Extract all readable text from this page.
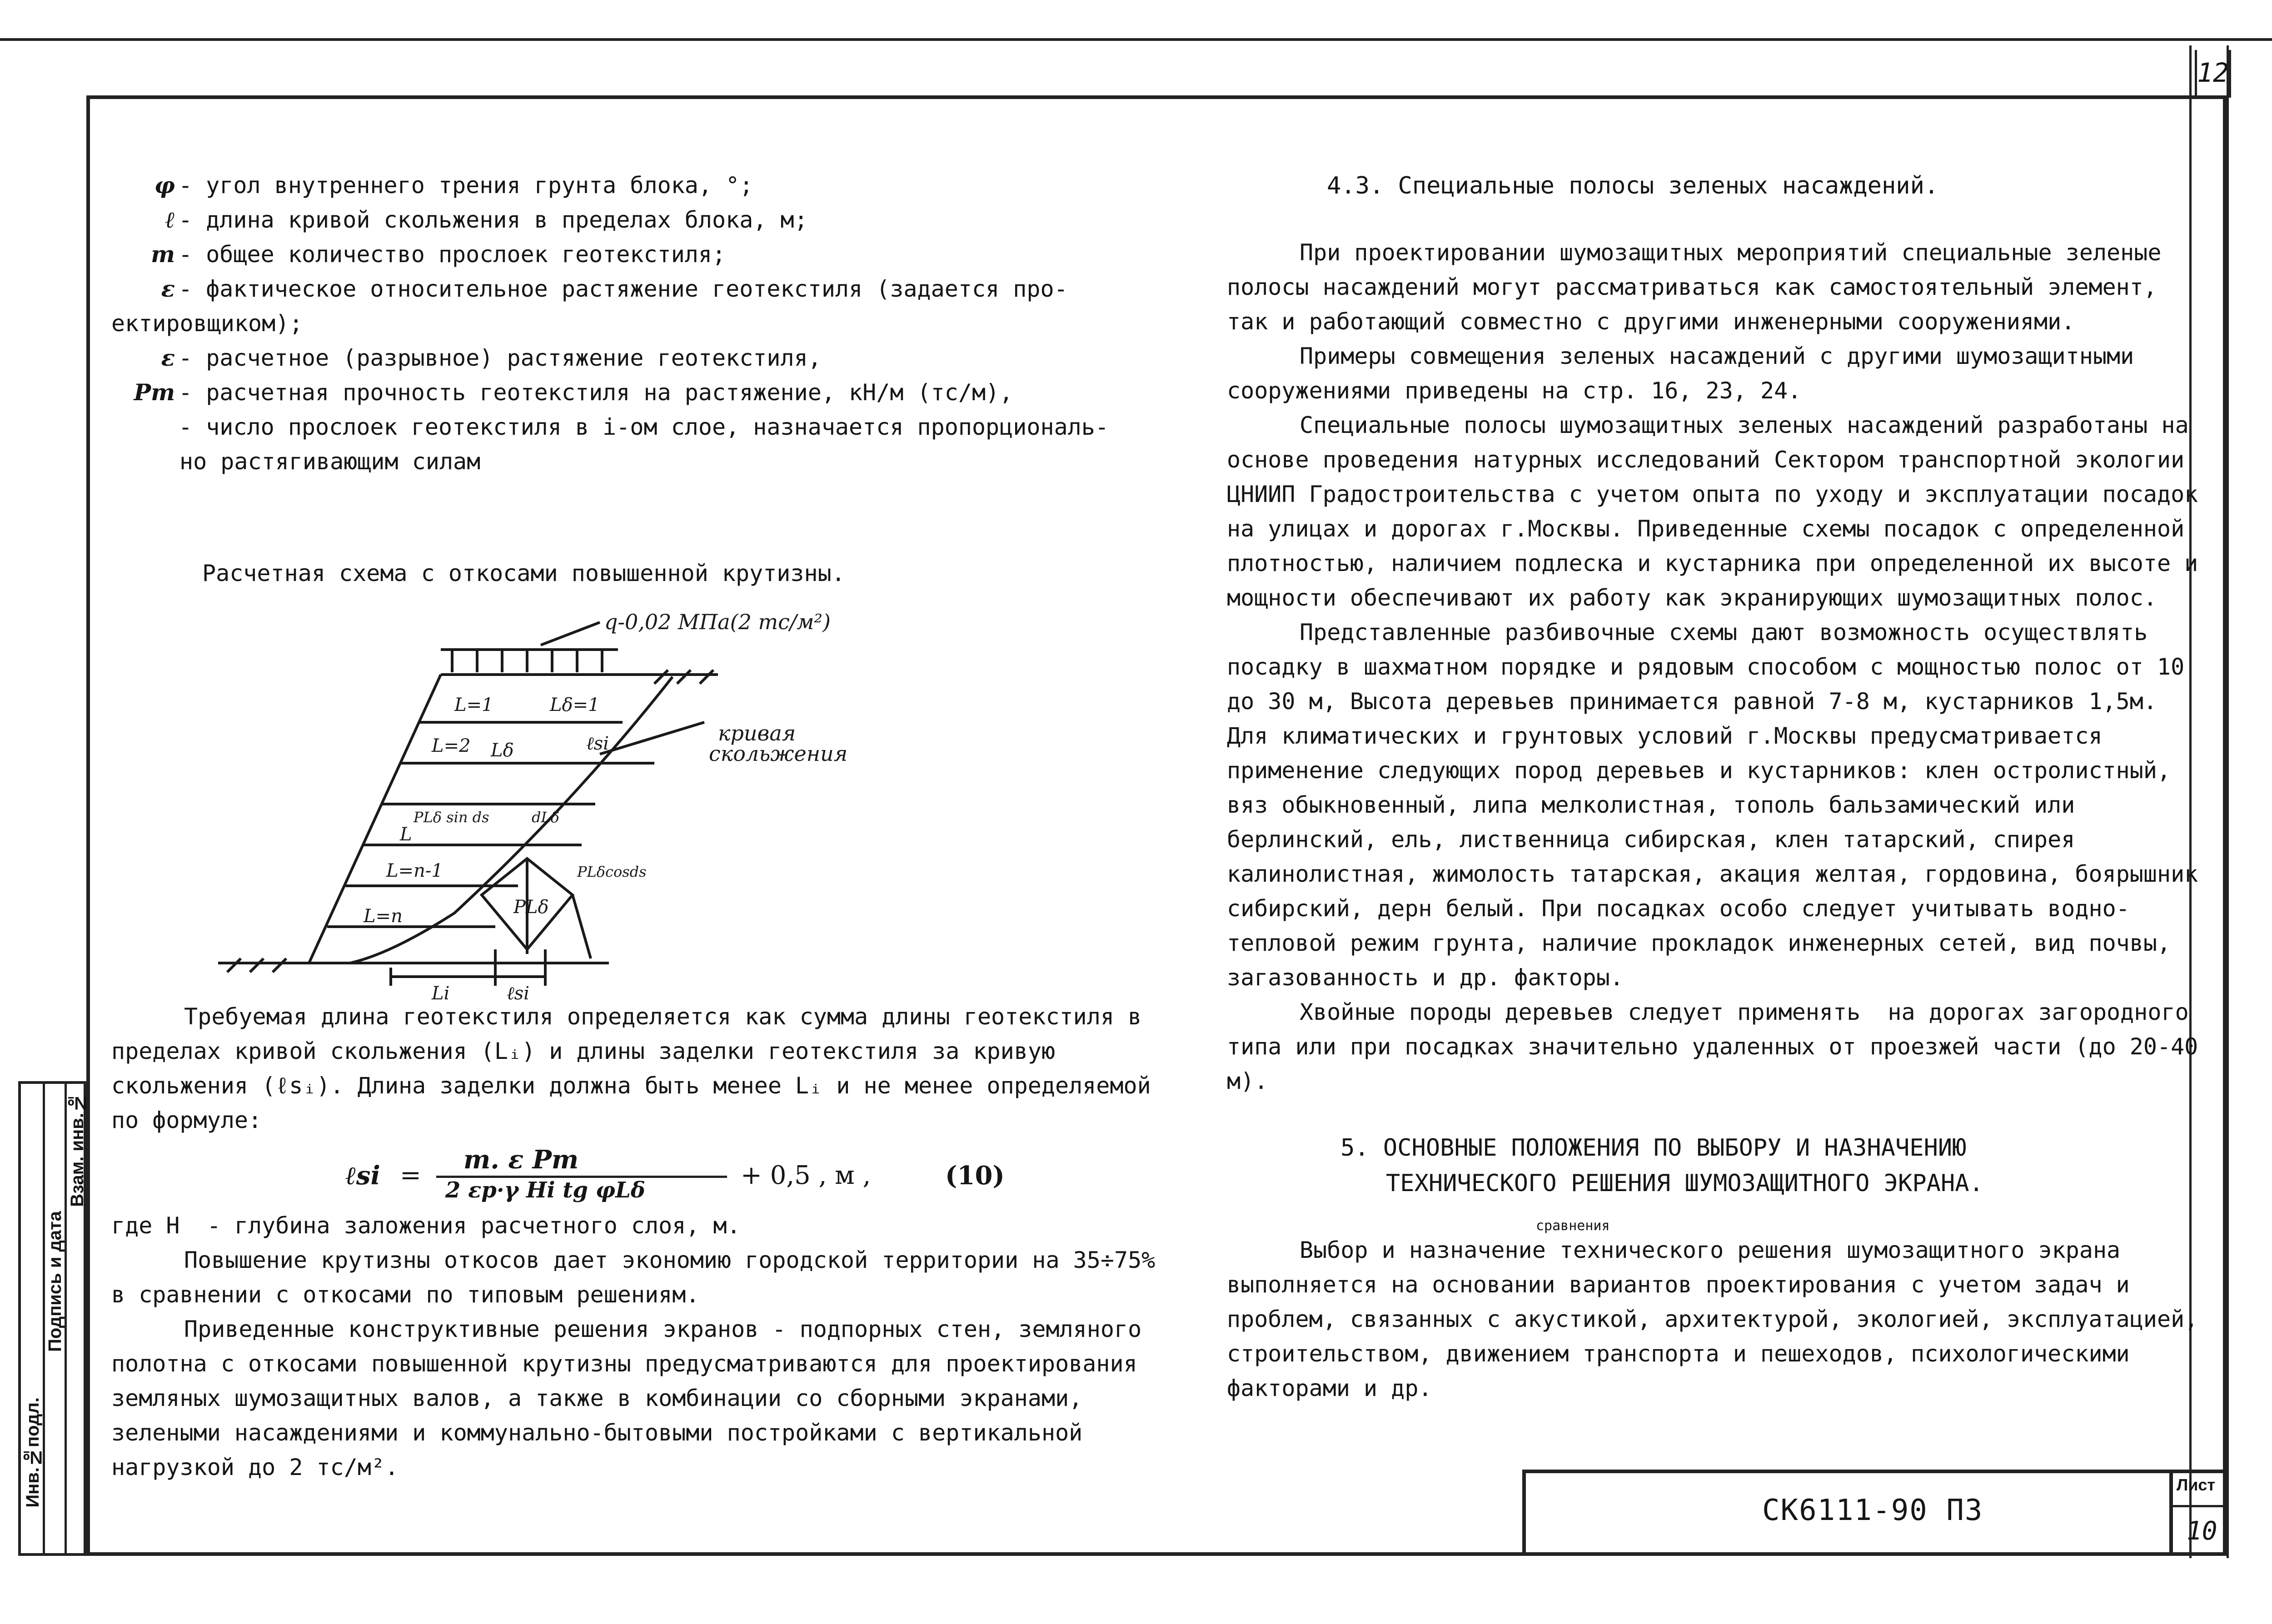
12
Инв.№подл.
Подпись и дата
Взам. инв.№
φ - угол внутреннего трения грунта блока, °;
ℓ - длина кривой скольжения в пределах блока, м;
m - общее количество прослоек геотекстиля;
ε - фактическое относительное растяжение геотекстиля (задается про-

ектировщиком);

ε - расчетное (разрывное) растяжение геотекстиля,
Pт - расчетная прочность геотекстиля на растяжение, кН/м (тс/м),
- число прослоек геотекстиля в i-ом слое, назначается пропорциональ-

но растягивающим силам

Расчетная схема с откосами повышенной крутизны.

q-0,02 МПа(2 тс/м²)
кривая
скольжения
L=1	Lδ=1
L=2 Lδ	ℓsi
L
L=n-1
L=n
PLδ sin ds
PLδ
PLδcosds
Li	ℓsi
dLδ

Требуемая длина геотекстиля определяется как сумма длины геотекстиля в пределах кривой скольжения (Lᵢ) и длины заделки геотекстиля за кривую скольжения (ℓsᵢ). Длина заделки должна быть менее Lᵢ и не менее определяемой по формуле:

ℓsi =
m. ε Pт
2 εp·γ Hi tg φLδ	+ 0,5 , м ,	(10)

где H  - глубина заложения расчетного слоя, м.

Повышение крутизны откосов дает экономию городской территории на 35÷75% в сравнении с откосами по типовым решениям.

Приведенные конструктивные решения экранов - подпорных стен, земляного полотна с откосами повышенной крутизны предусматриваются для проектирования земляных шумозащитных валов, а также в комбинации со сборными экранами, зелеными насаждениями и коммунально-бытовыми постройками с вертикальной нагрузкой до 2 тс/м².

4.3. Специальные полосы зеленых насаждений.

При проектировании шумозащитных мероприятий специальные зеленые полосы насаждений могут рассматриваться как самостоятельный элемент, так и работающий совместно с другими инженерными сооружениями.

Примеры совмещения зеленых насаждений с другими шумозащитными сооружениями приведены на стр. 16, 23, 24.

Специальные полосы шумозащитных зеленых насаждений разработаны на основе проведения натурных исследований Сектором транспортной экологии ЦНИИП Градостроительства с учетом опыта по уходу и эксплуатации посадок на улицах и дорогах г.Москвы. Приведенные схемы посадок с определенной плотностью, наличием подлеска и кустарника при определенной их высоте и мощности обеспечивают их работу как экранирующих шумозащитных полос.

Представленные разбивочные схемы дают возможность осуществлять посадку в шахматном порядке и рядовым способом с мощностью полос от 10 до 30 м, Высота деревьев принимается равной 7-8 м, кустарников 1,5м. Для климатических и грунтовых условий г.Москвы предусматривается применение следующих пород деревьев и кустарников: клен остролистный, вяз обыкновенный, липа мелколистная, тополь бальзамический или берлинский, ель, лиственница сибирская, клен татарский, спирея калинолистная, жимолость татарская, акация желтая, гордовина, боярышник сибирский, дерн белый. При посадках особо следует учитывать водно-тепловой режим грунта, наличие прокладок инженерных сетей, вид почвы, загазованность и др. факторы.

Хвойные породы деревьев следует применять  на дорогах загородного типа или при посадках значительно удаленных от проезжей части (до 20-40 м).

5. ОСНОВНЫЕ ПОЛОЖЕНИЯ ПО ВЫБОРУ И НАЗНАЧЕНИЮ

ТЕХНИЧЕСКОГО РЕШЕНИЯ ШУМОЗАЩИТНОГО ЭКРАНА.

сравнения

Выбор и назначение технического решения шумозащитного экрана выполняется на основании вариантов проектирования с учетом задач и проблем, связанных с акустикой, архитектурой, экологией, эксплуатацией, строительством, движением транспорта и пешеходов, психологическими факторами и др.

СК6111-90 П3
Лист
10
